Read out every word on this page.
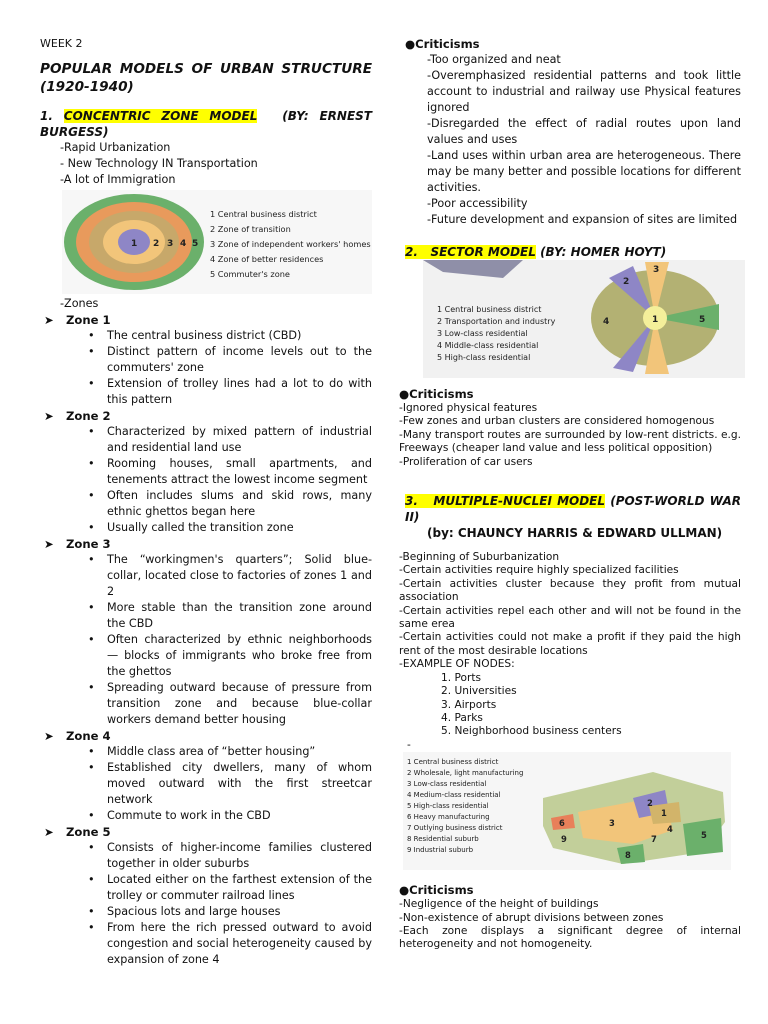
WEEK 2
POPULAR MODELS OF URBAN STRUCTURE (1920-1940)
1. CONCENTRIC ZONE MODEL (BY: ERNEST BURGESS)
-Rapid Urbanization
- New Technology IN Transportation
-A lot of Immigration
1 2 3 4 5
1 Central business district
2 Zone of transition
3 Zone of independent workers' homes
4 Zone of better residences
5 Commuter's zone
-Zones
➤	Zone 1
• The central business district (CBD)
• Distinct pattern of income levels out to the commuters' zone
• Extension of trolley lines had a lot to do with this pattern
➤	Zone 2
• Characterized by mixed pattern of industrial and residential land use
• Rooming houses, small apartments, and tenements attract the lowest income segment
• Often includes slums and skid rows, many ethnic ghettos began here
• Usually called the transition zone
➤	Zone 3
• The “workingmen's quarters”; Solid blue-collar, located close to factories of zones 1 and 2
• More stable than the transition zone around the CBD
• Often characterized by ethnic neighborhoods — blocks of immigrants who broke free from the ghettos
• Spreading outward because of pressure from transition zone and because blue-collar workers demand better housing
➤	Zone 4
• Middle class area of “better housing”
• Established city dwellers, many of whom moved outward with the first streetcar network
• Commute to work in the CBD
➤	Zone 5
• Consists of higher-income families clustered together in older suburbs
• Located either on the farthest extension of the trolley or commuter railroad lines
• Spacious lots and large houses
• From here the rich pressed outward to avoid congestion and social heterogeneity caused by expansion of zone 4
●Criticisms
-Too organized and neat
-Overemphasized residential patterns and took little account to industrial and railway use Physical features ignored
-Disregarded the effect of radial routes upon land values and uses
-Land uses within urban area are heterogeneous. There may be many better and possible locations for different activities.
-Poor accessibility
-Future development and expansion of sites are limited
2. SECTOR MODEL (BY: HOMER HOYT)
1
2
3
4	5
1 Central business district
2 Transportation and industry
3 Low-class residential
4 Middle-class residential
5 High-class residential
●Criticisms
-Ignored physical features
-Few zones and urban clusters are considered homogenous
-Many transport routes are surrounded by low-rent districts. e.g. Freeways (cheaper land value and less political opposition)
-Proliferation of car users
3. MULTIPLE-NUCLEI MODEL (POST-WORLD WAR II)
(by: CHAUNCY HARRIS & EDWARD ULLMAN)
-Beginning of Suburbanization
-Certain activities require highly specialized facilities
-Certain activities cluster because they profit from mutual association
-Certain activities repel each other and will not be found in the same erea
-Certain activities could not make a profit if they paid the high rent of the most desirable locations
-EXAMPLE OF NODES:
1. Ports
2. Universities
3. Airports
4. Parks
5. Neighborhood business centers
-
1
2
3
4
5
6
7
8
9
1 Central business district
2 Wholesale, light manufacturing
3 Low-class residential
4 Medium-class residential
5 High-class residential
6 Heavy manufacturing
7 Outlying business district
8 Residential suburb
9 Industrial suburb
●Criticisms
-Negligence of the height of buildings
-Non-existence of abrupt divisions between zones
-Each zone displays a significant degree of internal heterogeneity and not homogeneity.
